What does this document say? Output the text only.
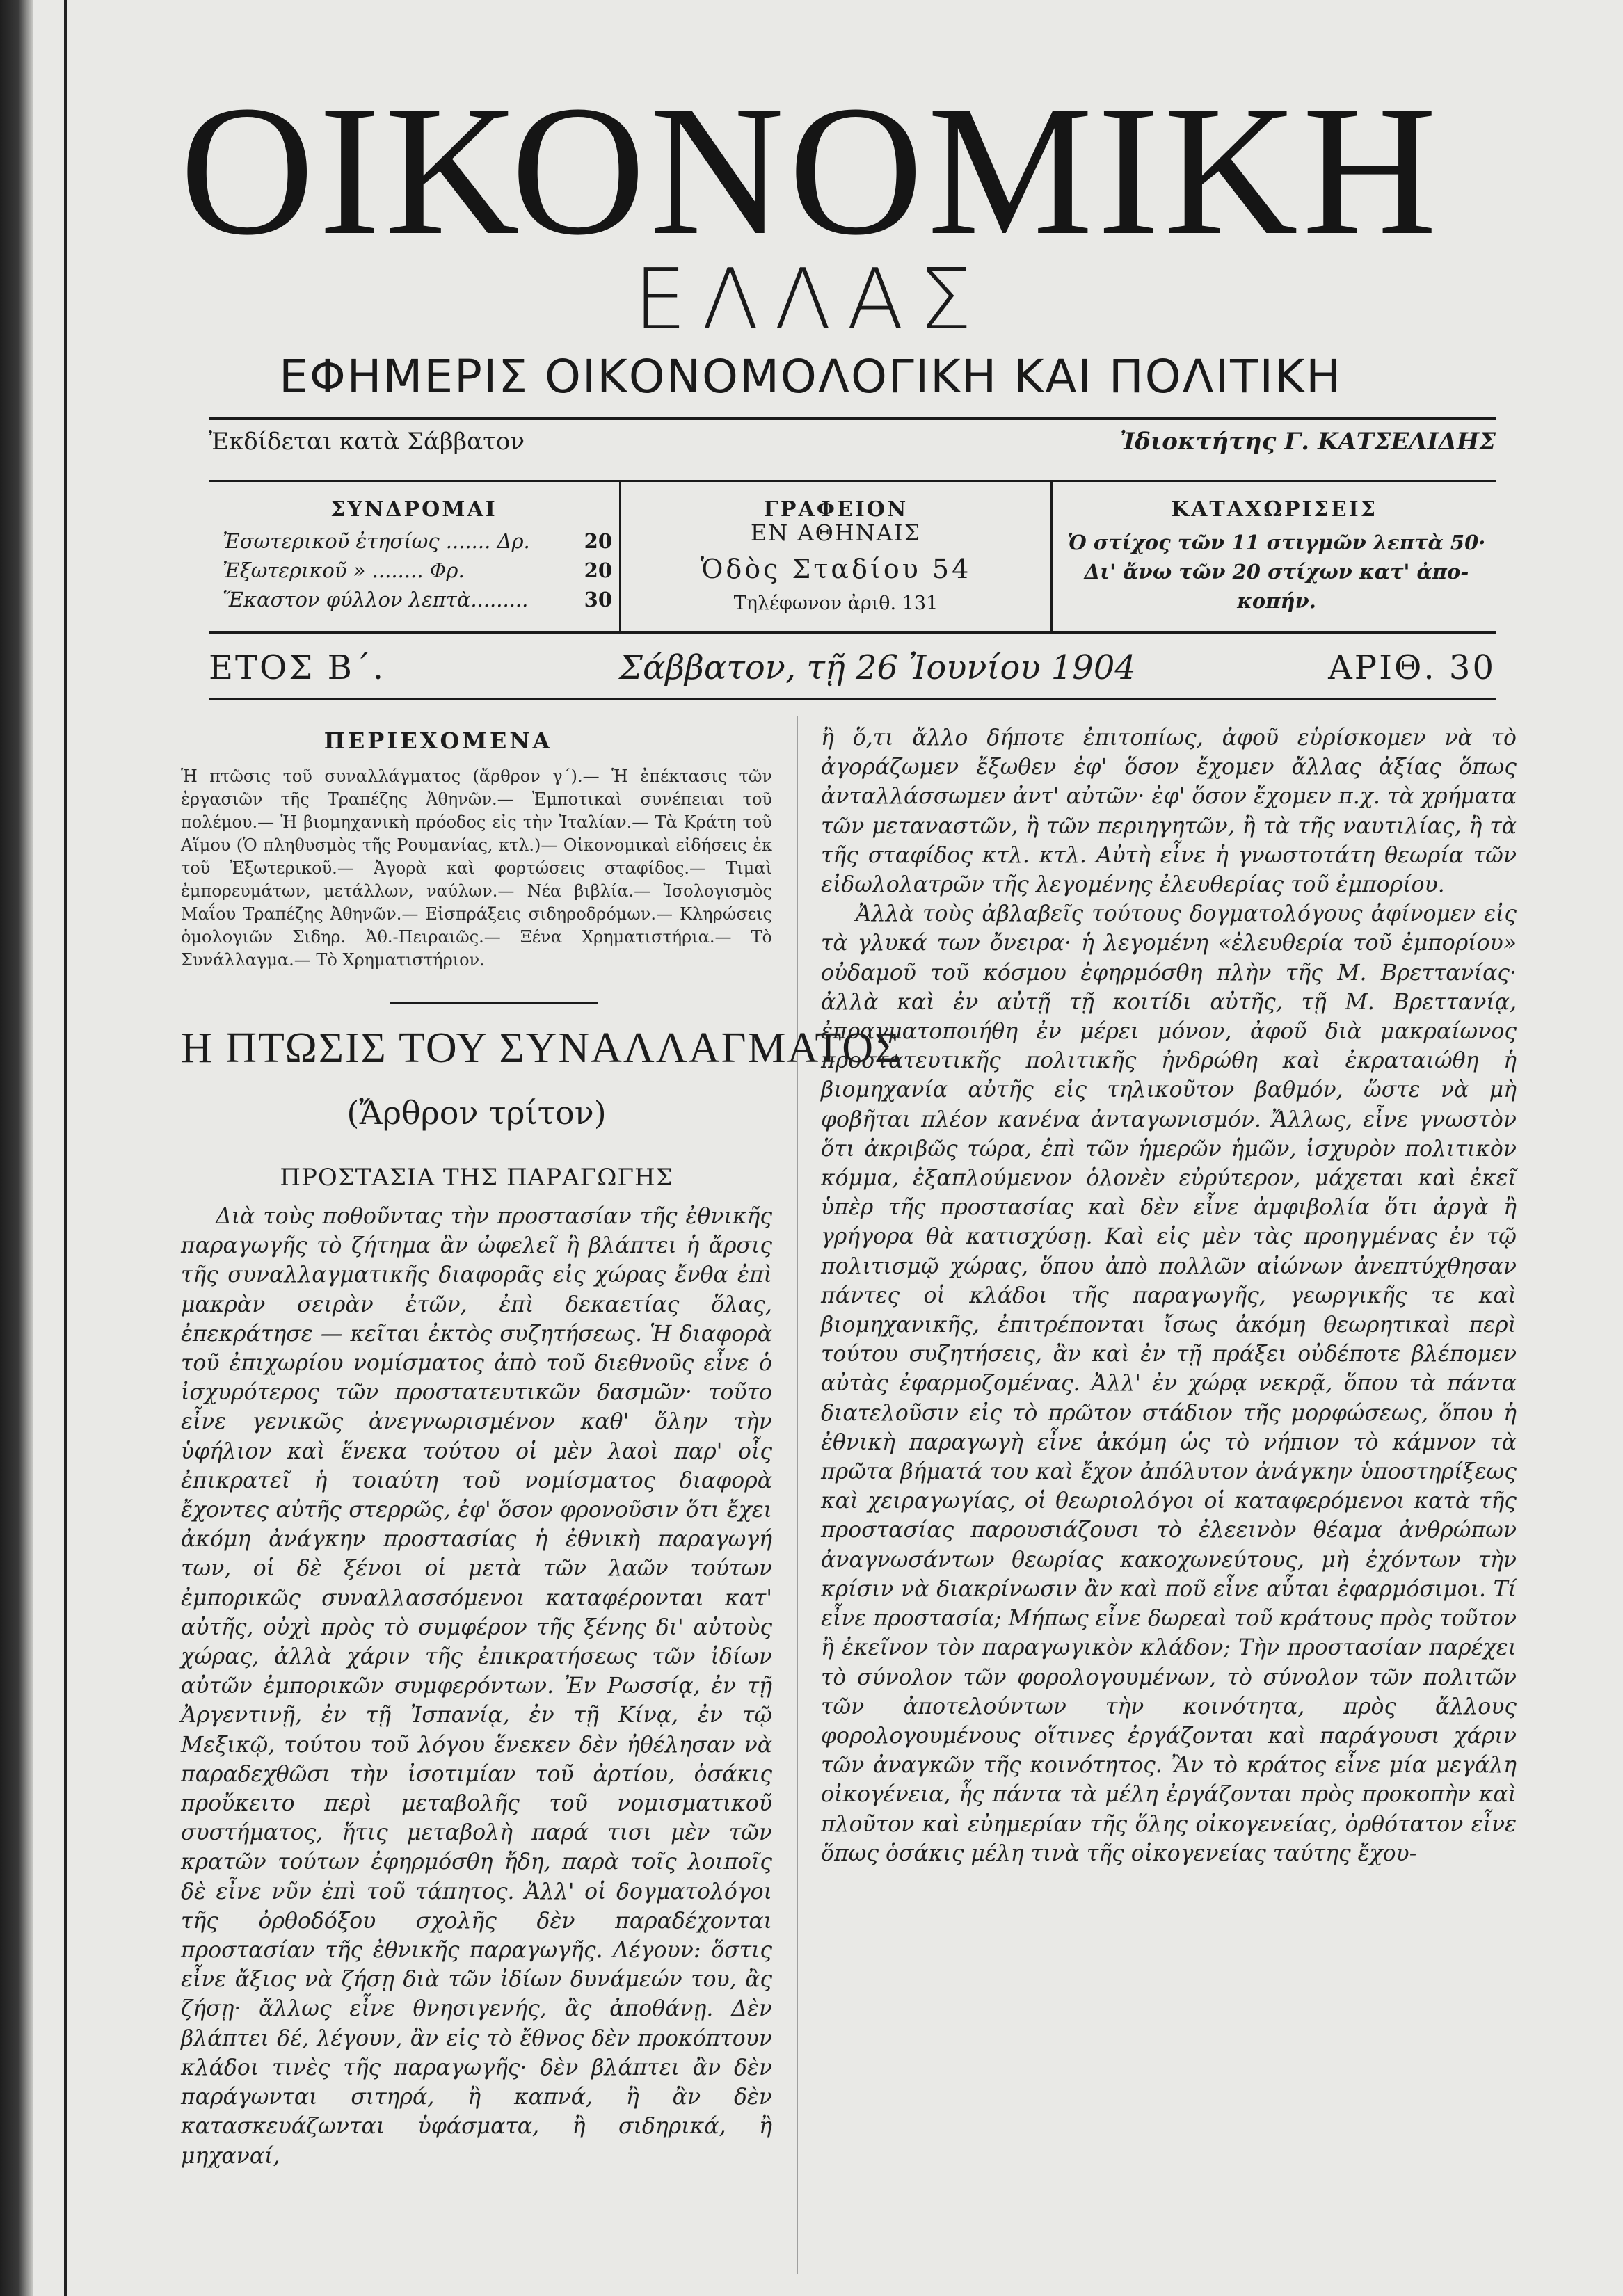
ΟΙΚΟΝΟΜΙΚΗ
ΕΛΛΑΣ
ΕΦΗΜΕΡΙΣ ΟΙΚΟΝΟΜΟΛΟΓΙΚΗ ΚΑΙ ΠΟΛΙΤΙΚΗ
Ἐκδίδεται κατὰ Σάββατον	Ἰδιοκτήτης Γ. ΚΑΤΣΕΛΙΔΗΣ
ΣΥΝΔΡΟΜΑΙ
Ἐσωτερικοῦ ἐτησίως ....... Δρ.	20
Ἐξωτερικοῦ » ........ Φρ.	20
Ἕκαστον φύλλον λεπτὰ.........	30
ΓΡΑΦΕΙΟΝ
ΕΝ ΑΘΗΝΑΙΣ
Ὁδὸς Σταδίου 54
Τηλέφωνον ἀριθ. 131
ΚΑΤΑΧΩΡΙΣΕΙΣ
Ὁ στίχος τῶν 11 στιγμῶν λεπτὰ 50·
Δι' ἄνω τῶν 20 στίχων κατ' ἀπο-
κοπήν.
ΕΤΟΣ Β΄.	Σάββατον, τῇ 26 Ἰουνίου 1904	ΑΡΙΘ. 30
ΠΕΡΙΕΧΟΜΕΝΑ
Ἡ πτῶσις τοῦ συναλλάγματος (ἄρθρον γ΄).— Ἡ ἐπέκτασις τῶν ἐργασιῶν τῆς Τραπέζης Ἀθηνῶν.— Ἐμποτικαὶ συνέπειαι τοῦ πολέμου.— Ἡ βιομηχανικὴ πρόοδος εἰς τὴν Ἰταλίαν.— Τὰ Κράτη τοῦ Αἵμου (Ὁ πληθυσμὸς τῆς Ρουμανίας, κτλ.)— Οἰκονομικαὶ εἰδήσεις ἐκ τοῦ Ἐξωτερικοῦ.— Ἀγορὰ καὶ φορτώσεις σταφίδος.— Τιμαὶ ἐμπορευμάτων, μετάλλων, ναύλων.— Νέα βιβλία.— Ἰσολογισμὸς Μαΐου Τραπέζης Ἀθηνῶν.— Εἰσπράξεις σιδηροδρόμων.— Κληρώσεις ὁμολογιῶν Σιδηρ. Ἀθ.-Πειραιῶς.— Ξένα Χρηματιστήρια.— Τὸ Συνάλλαγμα.— Τὸ Χρηματιστήριον.
Η ΠΤΩΣΙΣ ΤΟΥ ΣΥΝΑΛΛΑΓΜΑΤΟΣ
(Ἄρθρον τρίτον)
ΠΡΟΣΤΑΣΙΑ ΤΗΣ ΠΑΡΑΓΩΓΗΣ

Διὰ τοὺς ποθοῦντας τὴν προστασίαν τῆς ἐθνικῆς παραγωγῆς τὸ ζήτημα ἂν ὠφελεῖ ἢ βλάπτει ἡ ἄρσις τῆς συναλλαγματικῆς διαφορᾶς εἰς χώρας ἔνθα ἐπὶ μακρὰν σειρὰν ἐτῶν, ἐπὶ δεκαετίας ὅλας, ἐπεκράτησε — κεῖται ἐκτὸς συζητήσεως. Ἡ διαφορὰ τοῦ ἐπιχωρίου νομίσματος ἀπὸ τοῦ διεθνοῦς εἶνε ὁ ἰσχυρότερος τῶν προστατευτικῶν δασμῶν· τοῦτο εἶνε γενικῶς ἀνεγνωρισμένον καθ' ὅλην τὴν ὑφήλιον καὶ ἕνεκα τούτου οἱ μὲν λαοὶ παρ' οἷς ἐπικρατεῖ ἡ τοιαύτη τοῦ νομίσματος διαφορὰ ἔχοντες αὐτῆς στερρῶς, ἐφ' ὅσον φρονοῦσιν ὅτι ἔχει ἀκόμη ἀνάγκην προστασίας ἡ ἐθνικὴ παραγωγή των, οἱ δὲ ξένοι οἱ μετὰ τῶν λαῶν τούτων ἐμπορικῶς συναλλασσόμενοι καταφέρονται κατ' αὐτῆς, οὐχὶ πρὸς τὸ συμφέρον τῆς ξένης δι' αὐτοὺς χώρας, ἀλλὰ χάριν τῆς ἐπικρατήσεως τῶν ἰδίων αὐτῶν ἐμπορικῶν συμφερόντων. Ἐν Ρωσσίᾳ, ἐν τῇ Ἀργεντινῇ, ἐν τῇ Ἰσπανίᾳ, ἐν τῇ Κίνᾳ, ἐν τῷ Μεξικῷ, τούτου τοῦ λόγου ἕνεκεν δὲν ἠθέλησαν νὰ παραδεχθῶσι τὴν ἰσοτιμίαν τοῦ ἀρτίου, ὁσάκις προὔκειτο περὶ μεταβολῆς τοῦ νομισματικοῦ συστήματος, ἥτις μεταβολὴ παρά τισι μὲν τῶν κρατῶν τούτων ἐφηρμόσθη ἤδη, παρὰ τοῖς λοιποῖς δὲ εἶνε νῦν ἐπὶ τοῦ τάπητος. Ἀλλ' οἱ δογματολόγοι τῆς ὀρθοδόξου σχολῆς δὲν παραδέχονται προστασίαν τῆς ἐθνικῆς παραγωγῆς. Λέγουν: ὅστις εἶνε ἄξιος νὰ ζήσῃ διὰ τῶν ἰδίων δυνάμεών του, ἂς ζήσῃ· ἄλλως εἶνε θνησιγενής, ἂς ἀποθάνῃ. Δὲν βλάπτει δέ, λέγουν, ἂν εἰς τὸ ἔθνος δὲν προκόπτουν κλάδοι τινὲς τῆς παραγωγῆς· δὲν βλάπτει ἂν δὲν παράγωνται σιτηρά, ἢ καπνά, ἢ ἂν δὲν κατασκευάζωνται ὑφάσματα, ἢ σιδηρικά, ἢ μηχαναί,

ἢ ὅ,τι ἄλλο δήποτε ἐπιτοπίως, ἀφοῦ εὑρίσκομεν νὰ τὸ ἀγοράζωμεν ἔξωθεν ἐφ' ὅσον ἔχομεν ἄλλας ἀξίας ὅπως ἀνταλλάσσωμεν ἀντ' αὐτῶν· ἐφ' ὅσον ἔχομεν π.χ. τὰ χρήματα τῶν μεταναστῶν, ἢ τῶν περιηγητῶν, ἢ τὰ τῆς ναυτιλίας, ἢ τὰ τῆς σταφίδος κτλ. κτλ. Αὐτὴ εἶνε ἡ γνωστοτάτη θεωρία τῶν εἰδωλολατρῶν τῆς λεγομένης ἐλευθερίας τοῦ ἐμπορίου.

Ἀλλὰ τοὺς ἀβλαβεῖς τούτους δογματολόγους ἀφίνομεν εἰς τὰ γλυκά των ὄνειρα· ἡ λεγομένη «ἐλευθερία τοῦ ἐμπορίου» οὐδαμοῦ τοῦ κόσμου ἐφηρμόσθη πλὴν τῆς Μ. Βρεττανίας· ἀλλὰ καὶ ἐν αὐτῇ τῇ κοιτίδι αὐτῆς, τῇ Μ. Βρεττανίᾳ, ἐπραγματοποιήθη ἐν μέρει μόνον, ἀφοῦ διὰ μακραίωνος προστατευτικῆς πολιτικῆς ἠνδρώθη καὶ ἐκραταιώθη ἡ βιομηχανία αὐτῆς εἰς τηλικοῦτον βαθμόν, ὥστε νὰ μὴ φοβῆται πλέον κανένα ἀνταγωνισμόν. Ἄλλως, εἶνε γνωστὸν ὅτι ἀκριβῶς τώρα, ἐπὶ τῶν ἡμερῶν ἡμῶν, ἰσχυρὸν πολιτικὸν κόμμα, ἐξαπλούμενον ὁλονὲν εὐρύτερον, μάχεται καὶ ἐκεῖ ὑπὲρ τῆς προστασίας καὶ δὲν εἶνε ἀμφιβολία ὅτι ἀργὰ ἢ γρήγορα θὰ κατισχύσῃ. Καὶ εἰς μὲν τὰς προηγμένας ἐν τῷ πολιτισμῷ χώρας, ὅπου ἀπὸ πολλῶν αἰώνων ἀνεπτύχθησαν πάντες οἱ κλάδοι τῆς παραγωγῆς, γεωργικῆς τε καὶ βιομηχανικῆς, ἐπιτρέπονται ἴσως ἀκόμη θεωρητικαὶ περὶ τούτου συζητήσεις, ἂν καὶ ἐν τῇ πράξει οὐδέποτε βλέπομεν αὐτὰς ἐφαρμοζομένας. Ἀλλ' ἐν χώρᾳ νεκρᾷ, ὅπου τὰ πάντα διατελοῦσιν εἰς τὸ πρῶτον στάδιον τῆς μορφώσεως, ὅπου ἡ ἐθνικὴ παραγωγὴ εἶνε ἀκόμη ὡς τὸ νήπιον τὸ κάμνον τὰ πρῶτα βήματά του καὶ ἔχον ἀπόλυτον ἀνάγκην ὑποστηρίξεως καὶ χειραγωγίας, οἱ θεωριολόγοι οἱ καταφερόμενοι κατὰ τῆς προστασίας παρουσιάζουσι τὸ ἐλεεινὸν θέαμα ἀνθρώπων ἀναγνωσάντων θεωρίας κακοχωνεύτους, μὴ ἐχόντων τὴν κρίσιν νὰ διακρίνωσιν ἂν καὶ ποῦ εἶνε αὗται ἐφαρμόσιμοι. Τί εἶνε προστασία; Μήπως εἶνε δωρεαὶ τοῦ κράτους πρὸς τοῦτον ἢ ἐκεῖνον τὸν παραγωγικὸν κλάδον; Τὴν προστασίαν παρέχει τὸ σύνολον τῶν φορολογουμένων, τὸ σύνολον τῶν πολιτῶν τῶν ἀποτελούντων τὴν κοινότητα, πρὸς ἄλλους φορολογουμένους οἵτινες ἐργάζονται καὶ παράγουσι χάριν τῶν ἀναγκῶν τῆς κοινότητος. Ἂν τὸ κράτος εἶνε μία μεγάλη οἰκογένεια, ἧς πάντα τὰ μέλη ἐργάζονται πρὸς προκοπὴν καὶ πλοῦτον καὶ εὐημερίαν τῆς ὅλης οἰκογενείας, ὀρθότατον εἶνε ὅπως ὁσάκις μέλη τινὰ τῆς οἰκογενείας ταύτης ἔχου-
